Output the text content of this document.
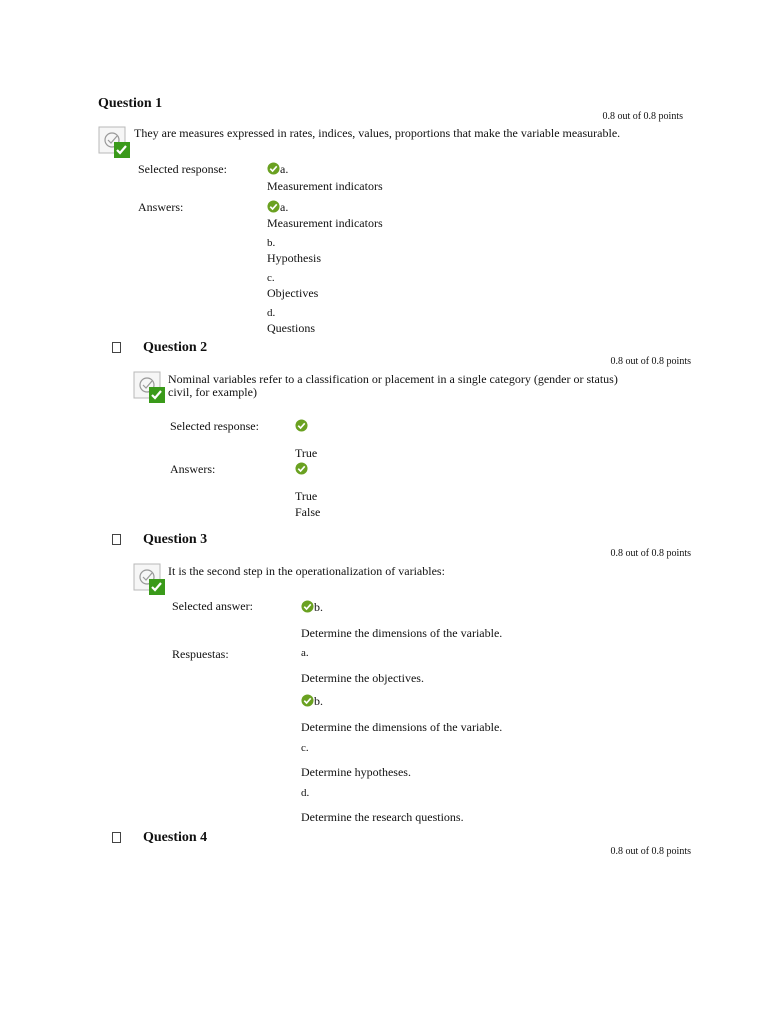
Question 1
0.8 out of 0.8 points
They are measures expressed in rates, indices, values, proportions that make the variable measurable.
Selected response:	a.
Measurement indicators
Answers:	a.
Measurement indicators
b.
Hypothesis
c.
Objectives
d.
Questions
Question 2
0.8 out of 0.8 points
Nominal variables refer to a classification or placement in a single category (gender or status)
civil, for example)
Selected response:
True
Answers:
True
False
Question 3
0.8 out of 0.8 points
It is the second step in the operationalization of variables:
Selected answer:	b.
Determine the dimensions of the variable.
Respuestas:	a.
Determine the objectives.
b.
Determine the dimensions of the variable.
c.
Determine hypotheses.
d.
Determine the research questions.
Question 4
0.8 out of 0.8 points
